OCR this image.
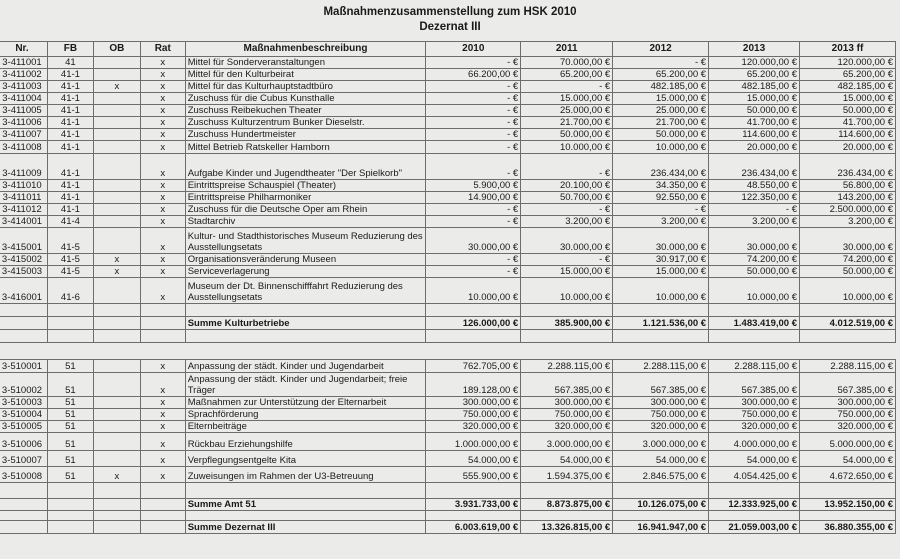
Maßnahmenzusammenstellung zum HSK 2010
Dezernat III
Nr.	FB	OB	Rat	Maßnahmenbeschreibung	2010	2011	2012	2013	2013 ff
3-411001	41		x	Mittel für Sonderveranstaltungen	- €	70.000,00 €	- €	120.000,00 €	120.000,00 €
3-411002	41-1		x	Mittel für den Kulturbeirat	66.200,00 €	65.200,00 €	65.200,00 €	65.200,00 €	65.200,00 €
3-411003	41-1	x	x	Mittel für das Kulturhauptstadtbüro	- €	- €	482.185,00 €	482.185,00 €	482.185,00 €
3-411004	41-1		x	Zuschuss für die Cubus Kunsthalle	- €	15.000,00 €	15.000,00 €	15.000,00 €	15.000,00 €
3-411005	41-1		x	Zuschuss Reibekuchen Theater	- €	25.000,00 €	25.000,00 €	50.000,00 €	50.000,00 €
3-411006	41-1		x	Zuschuss Kulturzentrum Bunker Dieselstr.	- €	21.700,00 €	21.700,00 €	41.700,00 €	41.700,00 €
3-411007	41-1		x	Zuschuss Hundertmeister	- €	50.000,00 €	50.000,00 €	114.600,00 €	114.600,00 €
3-411008	41-1		x	Mittel Betrieb Ratskeller Hamborn	- €	10.000,00 €	10.000,00 €	20.000,00 €	20.000,00 €
3-411009	41-1		x	Aufgabe Kinder und Jugendtheater "Der Spielkorb"	- €	- €	236.434,00 €	236.434,00 €	236.434,00 €
3-411010	41-1		x	Eintrittspreise Schauspiel (Theater)	5.900,00 €	20.100,00 €	34.350,00 €	48.550,00 €	56.800,00 €
3-411011	41-1		x	Eintrittspreise Philharmoniker	14.900,00 €	50.700,00 €	92.550,00 €	122.350,00 €	143.200,00 €
3-411012	41-1		x	Zuschuss für die Deutsche Oper am Rhein	- €	- €	- €	- €	2.500.000,00 €
3-414001	41-4		x	Stadtarchiv	- €	3.200,00 €	3.200,00 €	3.200,00 €	3.200,00 €
3-415001	41-5		x	Kultur- und Stadthistorisches Museum Reduzierung des Ausstellungsetats	30.000,00 €	30.000,00 €	30.000,00 €	30.000,00 €	30.000,00 €
3-415002	41-5	x	x	Organisationsveränderung Museen	- €	- €	30.917,00 €	74.200,00 €	74.200,00 €
3-415003	41-5	x	x	Serviceverlagerung	- €	15.000,00 €	15.000,00 €	50.000,00 €	50.000,00 €
3-416001	41-6		x	Museum der Dt. Binnenschifffahrt Reduzierung des Ausstellungsetats	10.000,00 €	10.000,00 €	10.000,00 €	10.000,00 €	10.000,00 €

				Summe Kulturbetriebe	126.000,00 €	385.900,00 €	1.121.536,00 €	1.483.419,00 €	4.012.519,00 €

3-510001	51		x	Anpassung der städt. Kinder und Jugendarbeit	762.705,00 €	2.288.115,00 €	2.288.115,00 €	2.288.115,00 €	2.288.115,00 €
3-510002	51		x	Anpassung der städt. Kinder und Jugendarbeit; freie Träger	189.128,00 €	567.385,00 €	567.385,00 €	567.385,00 €	567.385,00 €
3-510003	51		x	Maßnahmen zur Unterstützung der Elternarbeit	300.000,00 €	300.000,00 €	300.000,00 €	300.000,00 €	300.000,00 €
3-510004	51		x	Sprachförderung	750.000,00 €	750.000,00 €	750.000,00 €	750.000,00 €	750.000,00 €
3-510005	51		x	Elternbeiträge	320.000,00 €	320.000,00 €	320.000,00 €	320.000,00 €	320.000,00 €
3-510006	51		x	Rückbau Erziehungshilfe	1.000.000,00 €	3.000.000,00 €	3.000.000,00 €	4.000.000,00 €	5.000.000,00 €
3-510007	51		x	Verpflegungsentgelte Kita	54.000,00 €	54.000,00 €	54.000,00 €	54.000,00 €	54.000,00 €
3-510008	51	x	x	Zuweisungen im Rahmen der U3-Betreuung	555.900,00 €	1.594.375,00 €	2.846.575,00 €	4.054.425,00 €	4.672.650,00 €

				Summe Amt 51	3.931.733,00 €	8.873.875,00 €	10.126.075,00 €	12.333.925,00 €	13.952.150,00 €

				Summe Dezernat III	6.003.619,00 €	13.326.815,00 €	16.941.947,00 €	21.059.003,00 €	36.880.355,00 €
